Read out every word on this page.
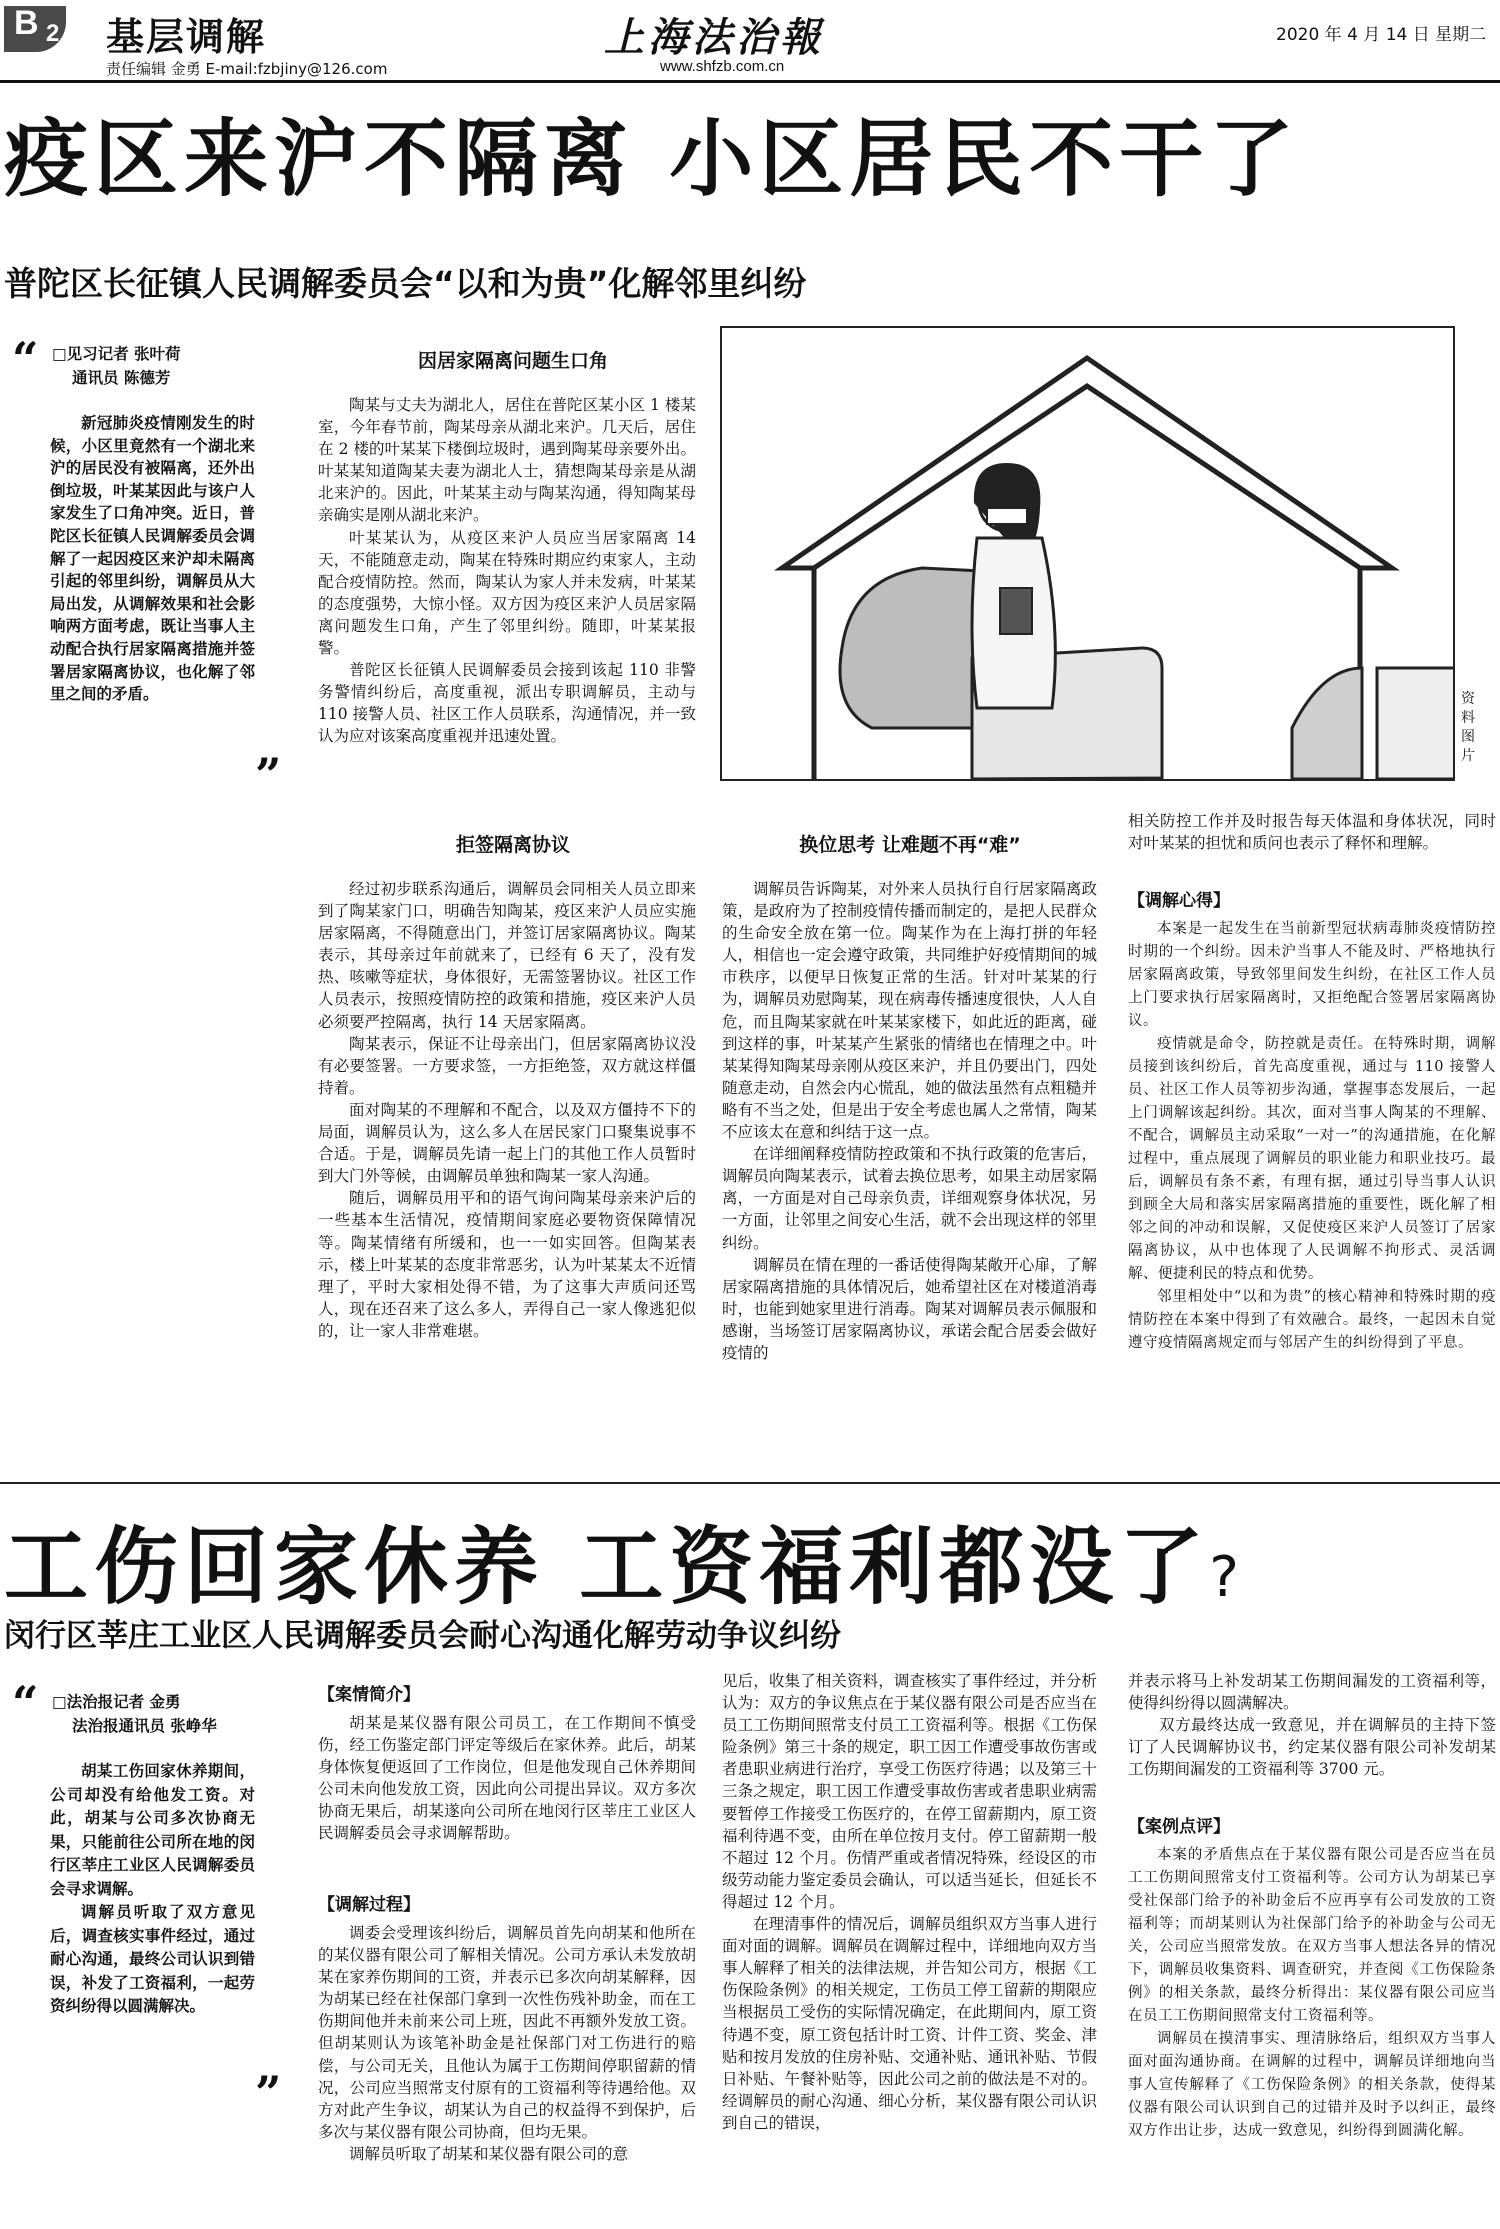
B 2 基层调解
责任编辑 金勇 E-mail:fzbjiny@126.com
上海法治報
www.shfzb.com.cn
2020 年 4 月 14 日 星期二
疫区来沪不隔离 小区居民不干了
普陀区长征镇人民调解委员会“以和为贵”化解邻里纠纷
“ □见习记者 张叶荷
通讯员 陈德芳

新冠肺炎疫情刚发生的时候，小区里竟然有一个湖北来沪的居民没有被隔离，还外出倒垃圾，叶某某因此与该户人家发生了口角冲突。近日，普陀区长征镇人民调解委员会调解了一起因疫区来沪却未隔离引起的邻里纠纷，调解员从大局出发，从调解效果和社会影响两方面考虑，既让当事人主动配合执行居家隔离措施并签署居家隔离协议，也化解了邻里之间的矛盾。

”
因居家隔离问题生口角

陶某与丈夫为湖北人，居住在普陀区某小区 1 楼某室，今年春节前，陶某母亲从湖北来沪。几天后，居住在 2 楼的叶某某下楼倒垃圾时，遇到陶某母亲要外出。叶某某知道陶某夫妻为湖北人士，猜想陶某母亲是从湖北来沪的。因此，叶某某主动与陶某沟通，得知陶某母亲确实是刚从湖北来沪。

叶某某认为，从疫区来沪人员应当居家隔离 14 天，不能随意走动，陶某在特殊时期应约束家人，主动配合疫情防控。然而，陶某认为家人并未发病，叶某某的态度强势，大惊小怪。双方因为疫区来沪人员居家隔离问题发生口角，产生了邻里纠纷。随即，叶某某报警。

普陀区长征镇人民调解委员会接到该起 110 非警务警情纠纷后，高度重视，派出专职调解员，主动与 110 接警人员、社区工作人员联系，沟通情况，并一致认为应对该案高度重视并迅速处置。

资料图片
拒签隔离协议

经过初步联系沟通后，调解员会同相关人员立即来到了陶某家门口，明确告知陶某，疫区来沪人员应实施居家隔离，不得随意出门，并签订居家隔离协议。陶某表示，其母亲过年前就来了，已经有 6 天了，没有发热、咳嗽等症状，身体很好，无需签署协议。社区工作人员表示，按照疫情防控的政策和措施，疫区来沪人员必须要严控隔离，执行 14 天居家隔离。

陶某表示，保证不让母亲出门，但居家隔离协议没有必要签署。一方要求签，一方拒绝签，双方就这样僵持着。

面对陶某的不理解和不配合，以及双方僵持不下的局面，调解员认为，这么多人在居民家门口聚集说事不合适。于是，调解员先请一起上门的其他工作人员暂时到大门外等候，由调解员单独和陶某一家人沟通。

随后，调解员用平和的语气询问陶某母亲来沪后的一些基本生活情况，疫情期间家庭必要物资保障情况等。陶某情绪有所缓和，也一一如实回答。但陶某表示，楼上叶某某的态度非常恶劣，认为叶某某太不近情理了，平时大家相处得不错，为了这事大声质问还骂人，现在还召来了这么多人，弄得自己一家人像逃犯似的，让一家人非常难堪。

换位思考 让难题不再“难”

调解员告诉陶某，对外来人员执行自行居家隔离政策，是政府为了控制疫情传播而制定的，是把人民群众的生命安全放在第一位。陶某作为在上海打拼的年轻人，相信也一定会遵守政策，共同维护好疫情期间的城市秩序，以便早日恢复正常的生活。针对叶某某的行为，调解员劝慰陶某，现在病毒传播速度很快，人人自危，而且陶某家就在叶某某家楼下，如此近的距离，碰到这样的事，叶某某产生紧张的情绪也在情理之中。叶某某得知陶某母亲刚从疫区来沪，并且仍要出门，四处随意走动，自然会内心慌乱，她的做法虽然有点粗糙并略有不当之处，但是出于安全考虑也属人之常情，陶某不应该太在意和纠结于这一点。

在详细阐释疫情防控政策和不执行政策的危害后，调解员向陶某表示，试着去换位思考，如果主动居家隔离，一方面是对自己母亲负责，详细观察身体状况，另一方面，让邻里之间安心生活，就不会出现这样的邻里纠纷。

调解员在情在理的一番话使得陶某敞开心扉，了解居家隔离措施的具体情况后，她希望社区在对楼道消毒时，也能到她家里进行消毒。陶某对调解员表示佩服和感谢，当场签订居家隔离协议，承诺会配合居委会做好疫情的

相关防控工作并及时报告每天体温和身体状况，同时对叶某某的担忧和质问也表示了释怀和理解。

【调解心得】

本案是一起发生在当前新型冠状病毒肺炎疫情防控时期的一个纠纷。因未沪当事人不能及时、严格地执行居家隔离政策，导致邻里间发生纠纷，在社区工作人员上门要求执行居家隔离时，又拒绝配合签署居家隔离协议。

疫情就是命令，防控就是责任。在特殊时期，调解员接到该纠纷后，首先高度重视，通过与 110 接警人员、社区工作人员等初步沟通，掌握事态发展后，一起上门调解该起纠纷。其次，面对当事人陶某的不理解、不配合，调解员主动采取“一对一”的沟通措施，在化解过程中，重点展现了调解员的职业能力和职业技巧。最后，调解员有条不紊，有理有据，通过引导当事人认识到顾全大局和落实居家隔离措施的重要性，既化解了相邻之间的冲动和误解，又促使疫区来沪人员签订了居家隔离协议，从中也体现了人民调解不拘形式、灵活调解、便捷利民的特点和优势。

邻里相处中“以和为贵”的核心精神和特殊时期的疫情防控在本案中得到了有效融合。最终，一起因未自觉遵守疫情隔离规定而与邻居产生的纠纷得到了平息。

工伤回家休养 工资福利都没了?
闵行区莘庄工业区人民调解委员会耐心沟通化解劳动争议纠纷
“ □法治报记者 金勇
法治报通讯员 张峥华

胡某工伤回家休养期间，公司却没有给他发工资。对此，胡某与公司多次协商无果，只能前往公司所在地的闵行区莘庄工业区人民调解委员会寻求调解。

调解员听取了双方意见后，调查核实事件经过，通过耐心沟通，最终公司认识到错误，补发了工资福利，一起劳资纠纷得以圆满解决。

”
【案情简介】

胡某是某仪器有限公司员工，在工作期间不慎受伤，经工伤鉴定部门评定等级后在家休养。此后，胡某身体恢复便返回了工作岗位，但是他发现自己休养期间公司未向他发放工资，因此向公司提出异议。双方多次协商无果后，胡某遂向公司所在地闵行区莘庄工业区人民调解委员会寻求调解帮助。

【调解过程】

调委会受理该纠纷后，调解员首先向胡某和他所在的某仪器有限公司了解相关情况。公司方承认未发放胡某在家养伤期间的工资，并表示已多次向胡某解释，因为胡某已经在社保部门拿到一次性伤残补助金，而在工伤期间他并未前来公司上班，因此不再额外发放工资。但胡某则认为该笔补助金是社保部门对工伤进行的赔偿，与公司无关，且他认为属于工伤期间停职留薪的情况，公司应当照常支付原有的工资福利等待遇给他。双方对此产生争议，胡某认为自己的权益得不到保护，后多次与某仪器有限公司协商，但均无果。

调解员听取了胡某和某仪器有限公司的意

见后，收集了相关资料，调查核实了事件经过，并分析认为：双方的争议焦点在于某仪器有限公司是否应当在员工工伤期间照常支付员工工资福利等。根据《工伤保险条例》第三十条的规定，职工因工作遭受事故伤害或者患职业病进行治疗，享受工伤医疗待遇；以及第三十三条之规定，职工因工作遭受事故伤害或者患职业病需要暂停工作接受工伤医疗的，在停工留薪期内，原工资福利待遇不变，由所在单位按月支付。停工留薪期一般不超过 12 个月。伤情严重或者情况特殊，经设区的市级劳动能力鉴定委员会确认，可以适当延长，但延长不得超过 12 个月。

在理清事件的情况后，调解员组织双方当事人进行面对面的调解。调解员在调解过程中，详细地向双方当事人解释了相关的法律法规，并告知公司方，根据《工伤保险条例》的相关规定，工伤员工停工留薪的期限应当根据员工受伤的实际情况确定，在此期间内，原工资待遇不变，原工资包括计时工资、计件工资、奖金、津贴和按月发放的住房补贴、交通补贴、通讯补贴、节假日补贴、午餐补贴等，因此公司之前的做法是不对的。经调解员的耐心沟通、细心分析，某仪器有限公司认识到自己的错误，

并表示将马上补发胡某工伤期间漏发的工资福利等，使得纠纷得以圆满解决。

双方最终达成一致意见，并在调解员的主持下签订了人民调解协议书，约定某仪器有限公司补发胡某工伤期间漏发的工资福利等 3700 元。

【案例点评】

本案的矛盾焦点在于某仪器有限公司是否应当在员工工伤期间照常支付工资福利等。公司方认为胡某已享受社保部门给予的补助金后不应再享有公司发放的工资福利等；而胡某则认为社保部门给予的补助金与公司无关，公司应当照常发放。在双方当事人想法各异的情况下，调解员收集资料、调查研究，并查阅《工伤保险条例》的相关条款，最终分析得出：某仪器有限公司应当在员工工伤期间照常支付工资福利等。

调解员在摸清事实、理清脉络后，组织双方当事人面对面沟通协商。在调解的过程中，调解员详细地向当事人宣传解释了《工伤保险条例》的相关条款，使得某仪器有限公司认识到自己的过错并及时予以纠正，最终双方作出让步，达成一致意见，纠纷得到圆满化解。
